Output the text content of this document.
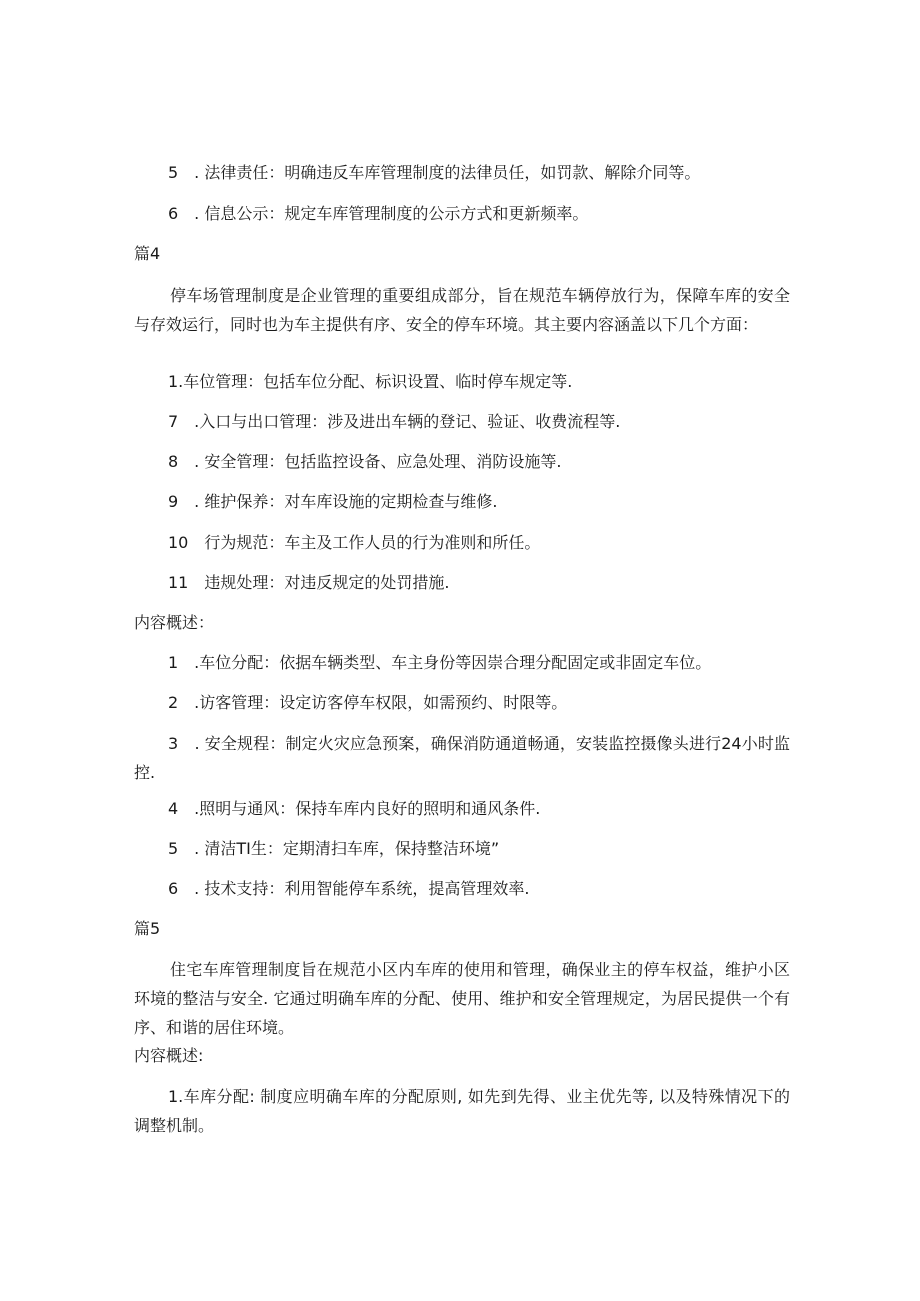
5　. 法律责任：明确违反车库管理制度的法律员任，如罚款、解除介同等。
6　. 信息公示：规定车库管理制度的公示方式和更新频率。
篇4
停车场管理制度是企业管理的重要组成部分，旨在规范车辆停放行为，保障车库的安全与存效运行，同时也为车主提供有序、安全的停车环境。其主要内容涵盖以下几个方面：
1.车位管理：包括车位分配、标识设置、临时停车规定等.
7　.入口与出口管理：涉及进出车辆的登记、验证、收费流程等.
8　. 安全管理：包括监控设备、应急处理、消防设施等.
9　. 维护保养：对车库设施的定期检查与维修.
10　行为规范：车主及工作人员的行为准则和所任。
11　违规处理：对违反规定的处罚措施.
内容概述：
1　.车位分配：依据车辆类型、车主身份等因崇合理分配固定或非固定车位。
2　.访客管理：设定访客停车权限，如需预约、时限等。
3　. 安全规程：制定火灾应急预案，确保消防通道畅通，安装监控摄像头进行24小时监控.
4　.照明与通风：保持车库内良好的照明和通风条件.
5　. 清洁TI生：定期清扫车库，保持整洁环境”
6　. 技术支持：利用智能停车系统，提高管理效率.
篇5
住宅车库管理制度旨在规范小区内车库的使用和管理，确保业主的停车权益，维护小区环境的整洁与安全. 它通过明确车库的分配、使用、维护和安全管理规定，为居民提供一个有序、和谐的居住环境。
内容概述:
1.车库分配: 制度应明确车库的分配原则, 如先到先得、业主优先等, 以及特殊情况下的调整机制。
